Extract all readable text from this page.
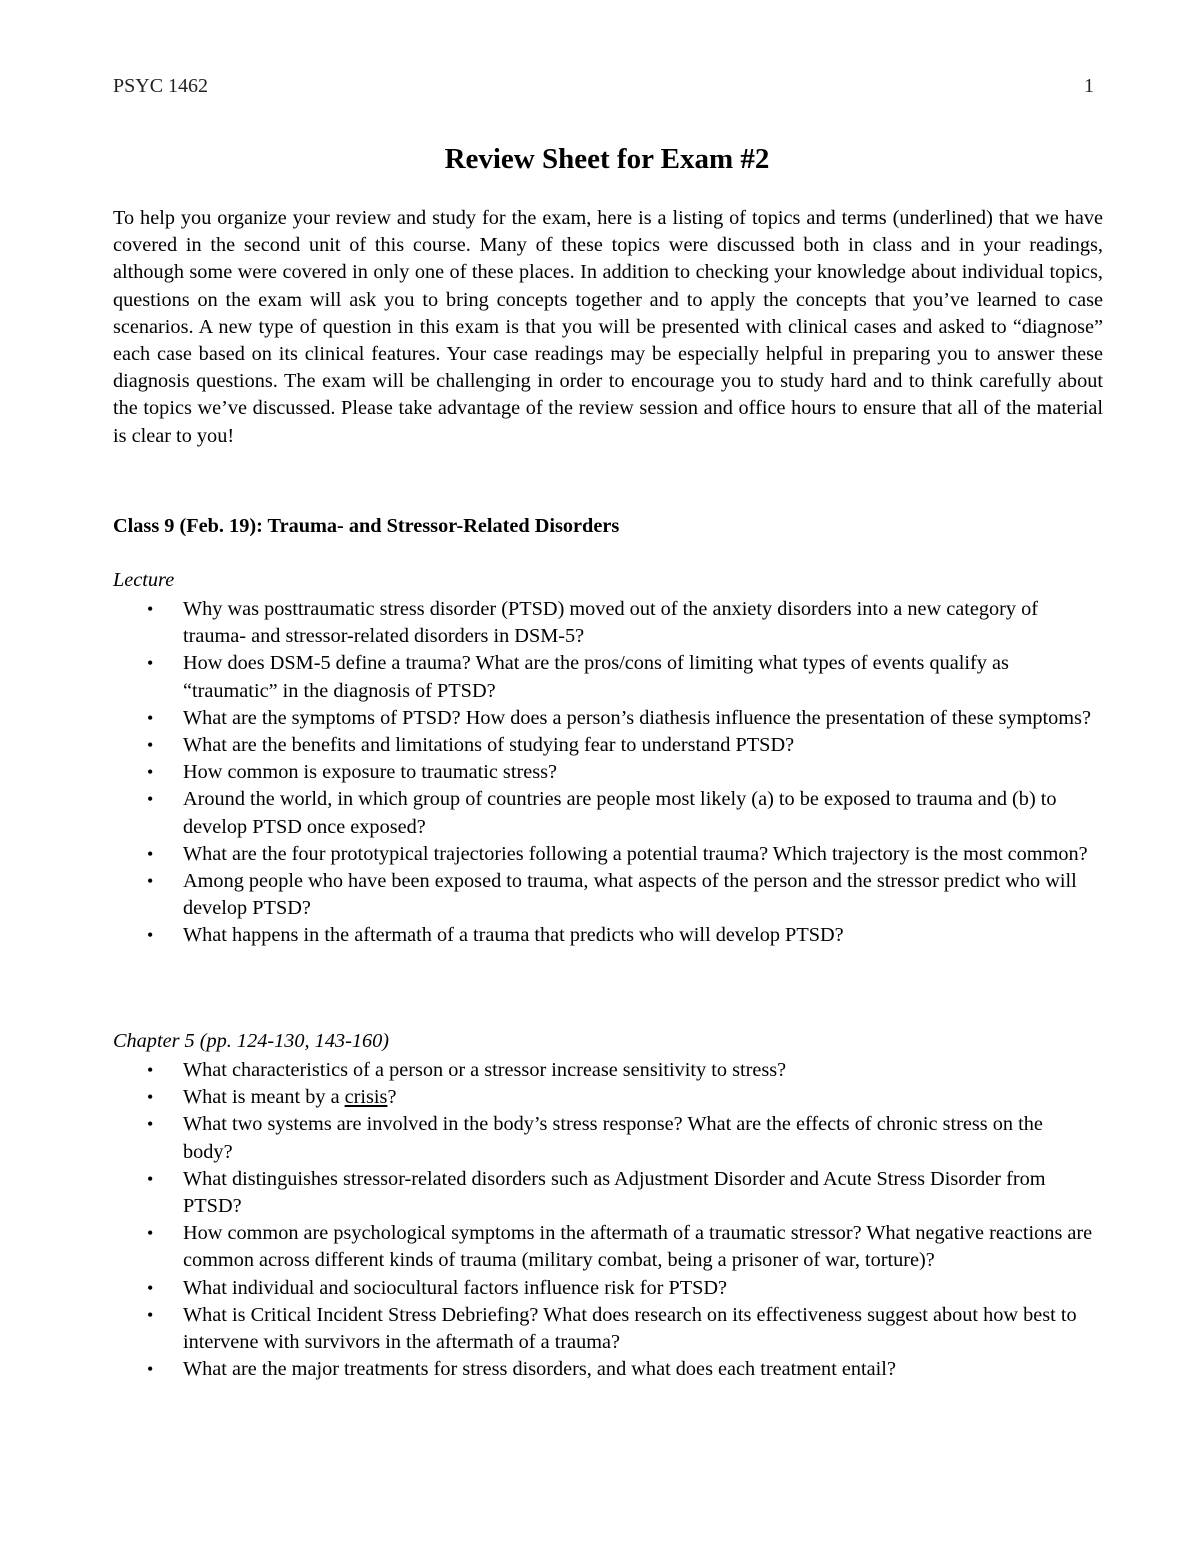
PSYC 1462	1
Review Sheet for Exam #2

To help you organize your review and study for the exam, here is a listing of topics and terms (underlined) that we have covered in the second unit of this course. Many of these topics were discussed both in class and in your readings, although some were covered in only one of these places. In addition to checking your knowledge about individual topics, questions on the exam will ask you to bring concepts together and to apply the concepts that you’ve learned to case scenarios. A new type of question in this exam is that you will be presented with clinical cases and asked to “diagnose” each case based on its clinical features. Your case readings may be especially helpful in preparing you to answer these diagnosis questions. The exam will be challenging in order to encourage you to study hard and to think carefully about the topics we’ve discussed. Please take advantage of the review session and office hours to ensure that all of the material is clear to you!

Class 9 (Feb. 19): Trauma- and Stressor-Related Disorders
Lecture
• Why was posttraumatic stress disorder (PTSD) moved out of the anxiety disorders into a new category of trauma- and stressor-related disorders in DSM-5?
• How does DSM-5 define a trauma? What are the pros/cons of limiting what types of events qualify as “traumatic” in the diagnosis of PTSD?
• What are the symptoms of PTSD? How does a person’s diathesis influence the presentation of these symptoms?
• What are the benefits and limitations of studying fear to understand PTSD?
• How common is exposure to traumatic stress?
• Around the world, in which group of countries are people most likely (a) to be exposed to trauma and (b) to develop PTSD once exposed?
• What are the four prototypical trajectories following a potential trauma? Which trajectory is the most common?
• Among people who have been exposed to trauma, what aspects of the person and the stressor predict who will develop PTSD?
• What happens in the aftermath of a trauma that predicts who will develop PTSD?
Chapter 5 (pp. 124-130, 143-160)
• What characteristics of a person or a stressor increase sensitivity to stress?
• What is meant by a crisis?
• What two systems are involved in the body’s stress response? What are the effects of chronic stress on the body?
• What distinguishes stressor-related disorders such as Adjustment Disorder and Acute Stress Disorder from PTSD?
• How common are psychological symptoms in the aftermath of a traumatic stressor? What negative reactions are common across different kinds of trauma (military combat, being a prisoner of war, torture)?
• What individual and sociocultural factors influence risk for PTSD?
• What is Critical Incident Stress Debriefing? What does research on its effectiveness suggest about how best to intervene with survivors in the aftermath of a trauma?
• What are the major treatments for stress disorders, and what does each treatment entail?
